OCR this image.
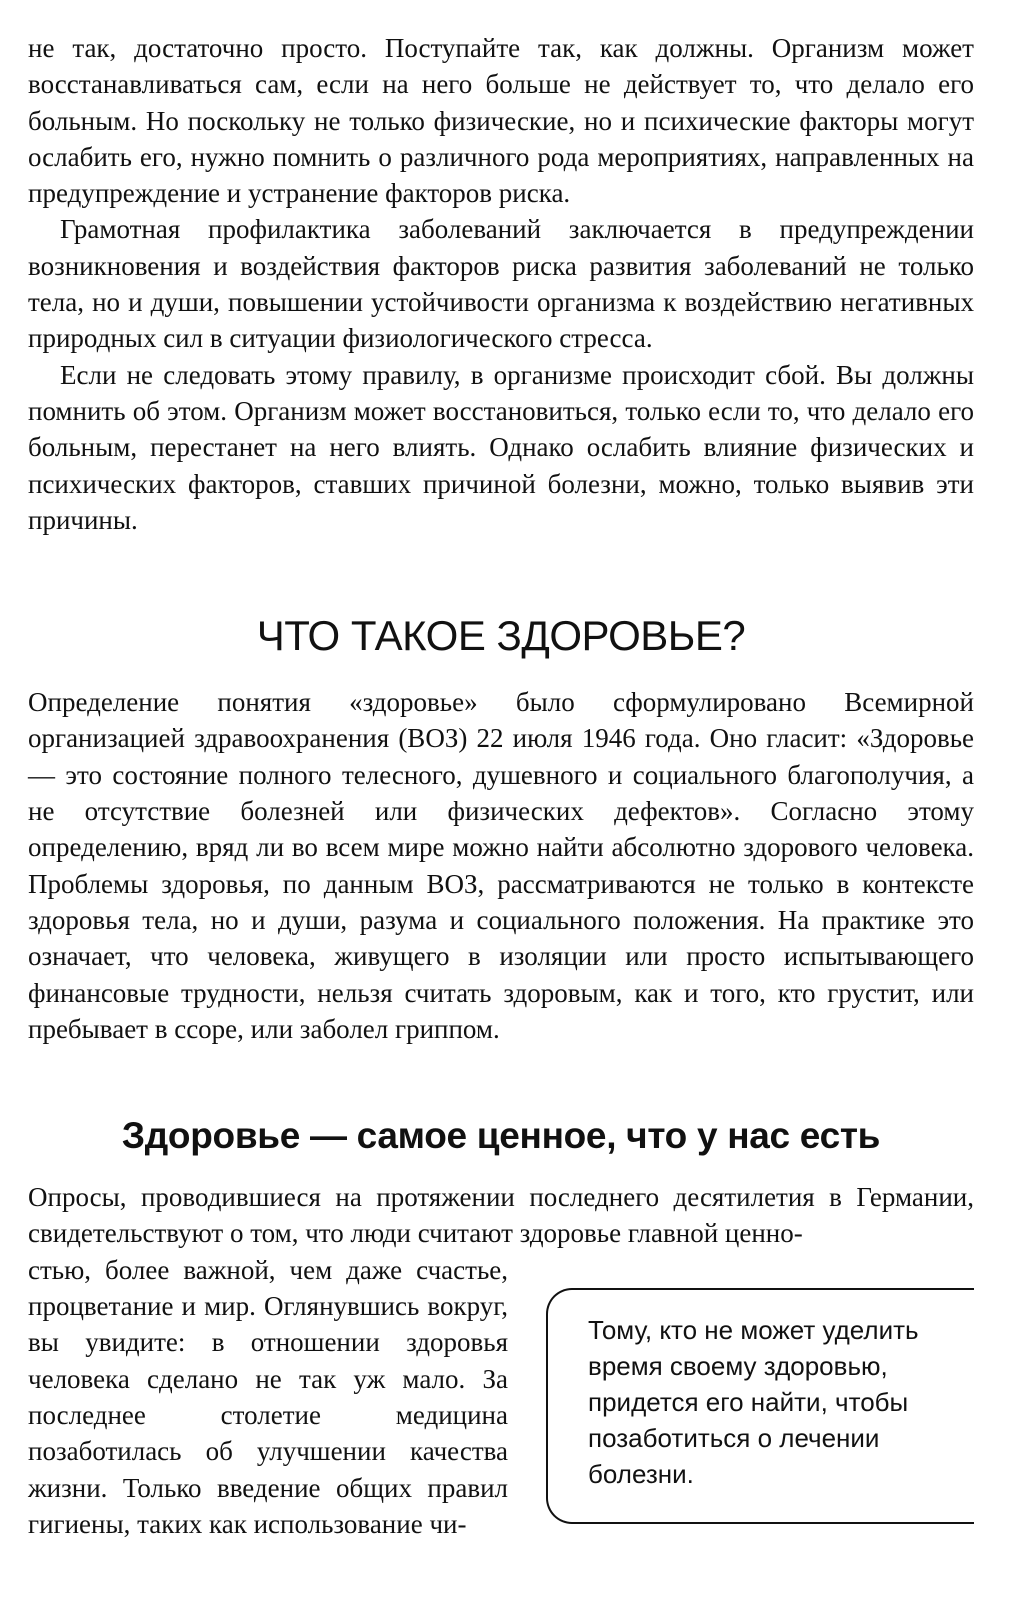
не так, достаточно просто. Поступайте так, как должны. Организм может восстанавливаться сам, если на него больше не действует то, что делало его больным. Но поскольку не только физические, но и психические факторы могут ослабить его, нужно помнить о различного рода мероприятиях, направленных на предупреждение и устранение факторов риска.

Грамотная профилактика заболеваний заключается в предупреждении возникновения и воздействия факторов риска развития заболеваний не только тела, но и души, повышении устойчивости организма к воздействию негативных природных сил в ситуации физиологического стресса.

Если не следовать этому правилу, в организме происходит сбой. Вы должны помнить об этом. Организм может восстановиться, только если то, что делало его больным, перестанет на него влиять. Однако ослабить влияние физических и психических факторов, ставших причиной болезни, можно, только выявив эти причины.

ЧТО ТАКОЕ ЗДОРОВЬЕ?

Определение понятия «здоровье» было сформулировано Всемирной организацией здравоохранения (ВОЗ) 22 июля 1946 года. Оно гласит: «Здоровье — это состояние полного телесного, душевного и социального благополучия, а не отсутствие болезней или физических дефектов». Согласно этому определению, вряд ли во всем мире можно найти абсолютно здорового человека. Проблемы здоровья, по данным ВОЗ, рассматриваются не только в контексте здоровья тела, но и души, разума и социального положения. На практике это означает, что человека, живущего в изоляции или просто испытывающего финансовые трудности, нельзя считать здоровым, как и того, кто грустит, или пребывает в ссоре, или заболел гриппом.

Здоровье — самое ценное, что у нас есть

Опросы, проводившиеся на протяжении последнего десятилетия в Германии, свидетельствуют о том, что люди считают здоровье главной ценно-

стью, более важной, чем даже счастье, процветание и мир. Оглянувшись вокруг, вы увидите: в отношении здоровья человека сделано не так уж мало. За последнее столетие медицина позаботилась об улучшении качества жизни. Только введение общих правил гигиены, таких как использование чи-

Тому, кто не может уделить время своему здоровью, придется его найти, чтобы позаботиться о лечении болезни.
